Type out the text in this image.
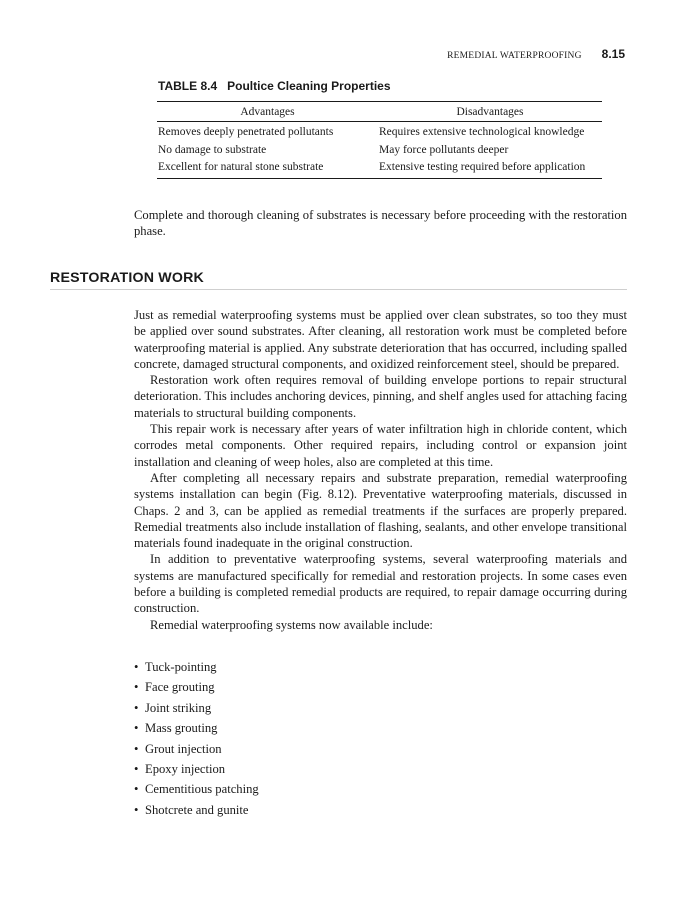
REMEDIAL WATERPROOFING 8.15
TABLE 8.4 Poultice Cleaning Properties
Advantages	Disadvantages
Removes deeply penetrated pollutants	Requires extensive technological knowledge
No damage to substrate	May force pollutants deeper
Excellent for natural stone substrate	Extensive testing required before application

Complete and thorough cleaning of substrates is necessary before proceeding with the restoration phase.

RESTORATION WORK

Just as remedial waterproofing systems must be applied over clean substrates, so too they must be applied over sound substrates. After cleaning, all restoration work must be completed before waterproofing material is applied. Any substrate deterioration that has occurred, including spalled concrete, damaged structural components, and oxidized reinforcement steel, should be prepared.

Restoration work often requires removal of building envelope portions to repair structural deterioration. This includes anchoring devices, pinning, and shelf angles used for attaching facing materials to structural building components.

This repair work is necessary after years of water infiltration high in chloride content, which corrodes metal components. Other required repairs, including control or expansion joint installation and cleaning of weep holes, also are completed at this time.

After completing all necessary repairs and substrate preparation, remedial waterproofing systems installation can begin (Fig. 8.12). Preventative waterproofing materials, discussed in Chaps. 2 and 3, can be applied as remedial treatments if the surfaces are properly prepared. Remedial treatments also include installation of flashing, sealants, and other envelope transitional materials found inadequate in the original construction.

In addition to preventative waterproofing systems, several waterproofing materials and systems are manufactured specifically for remedial and restoration projects. In some cases even before a building is completed remedial products are required, to repair damage occurring during construction.

Remedial waterproofing systems now available include:

• Tuck-pointing
• Face grouting
• Joint striking
• Mass grouting
• Grout injection
• Epoxy injection
• Cementitious patching
• Shotcrete and gunite
